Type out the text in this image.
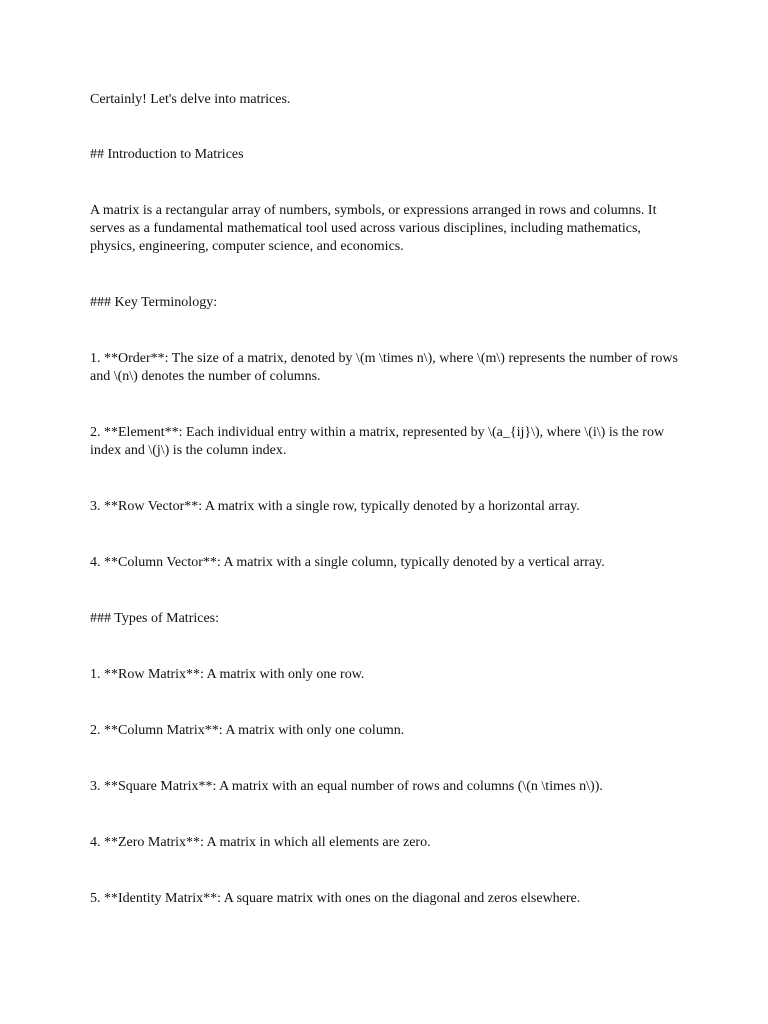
Certainly! Let's delve into matrices.

## Introduction to Matrices

A matrix is a rectangular array of numbers, symbols, or expressions arranged in rows and columns. It serves as a fundamental mathematical tool used across various disciplines, including mathematics, physics, engineering, computer science, and economics.

### Key Terminology:

1. **Order**: The size of a matrix, denoted by \(m \times n\), where \(m\) represents the number of rows and \(n\) denotes the number of columns.

2. **Element**: Each individual entry within a matrix, represented by \(a_{ij}\), where \(i\) is the row index and \(j\) is the column index.

3. **Row Vector**: A matrix with a single row, typically denoted by a horizontal array.

4. **Column Vector**: A matrix with a single column, typically denoted by a vertical array.

### Types of Matrices:

1. **Row Matrix**: A matrix with only one row.

2. **Column Matrix**: A matrix with only one column.

3. **Square Matrix**: A matrix with an equal number of rows and columns (\(n \times n\)).

4. **Zero Matrix**: A matrix in which all elements are zero.

5. **Identity Matrix**: A square matrix with ones on the diagonal and zeros elsewhere.
